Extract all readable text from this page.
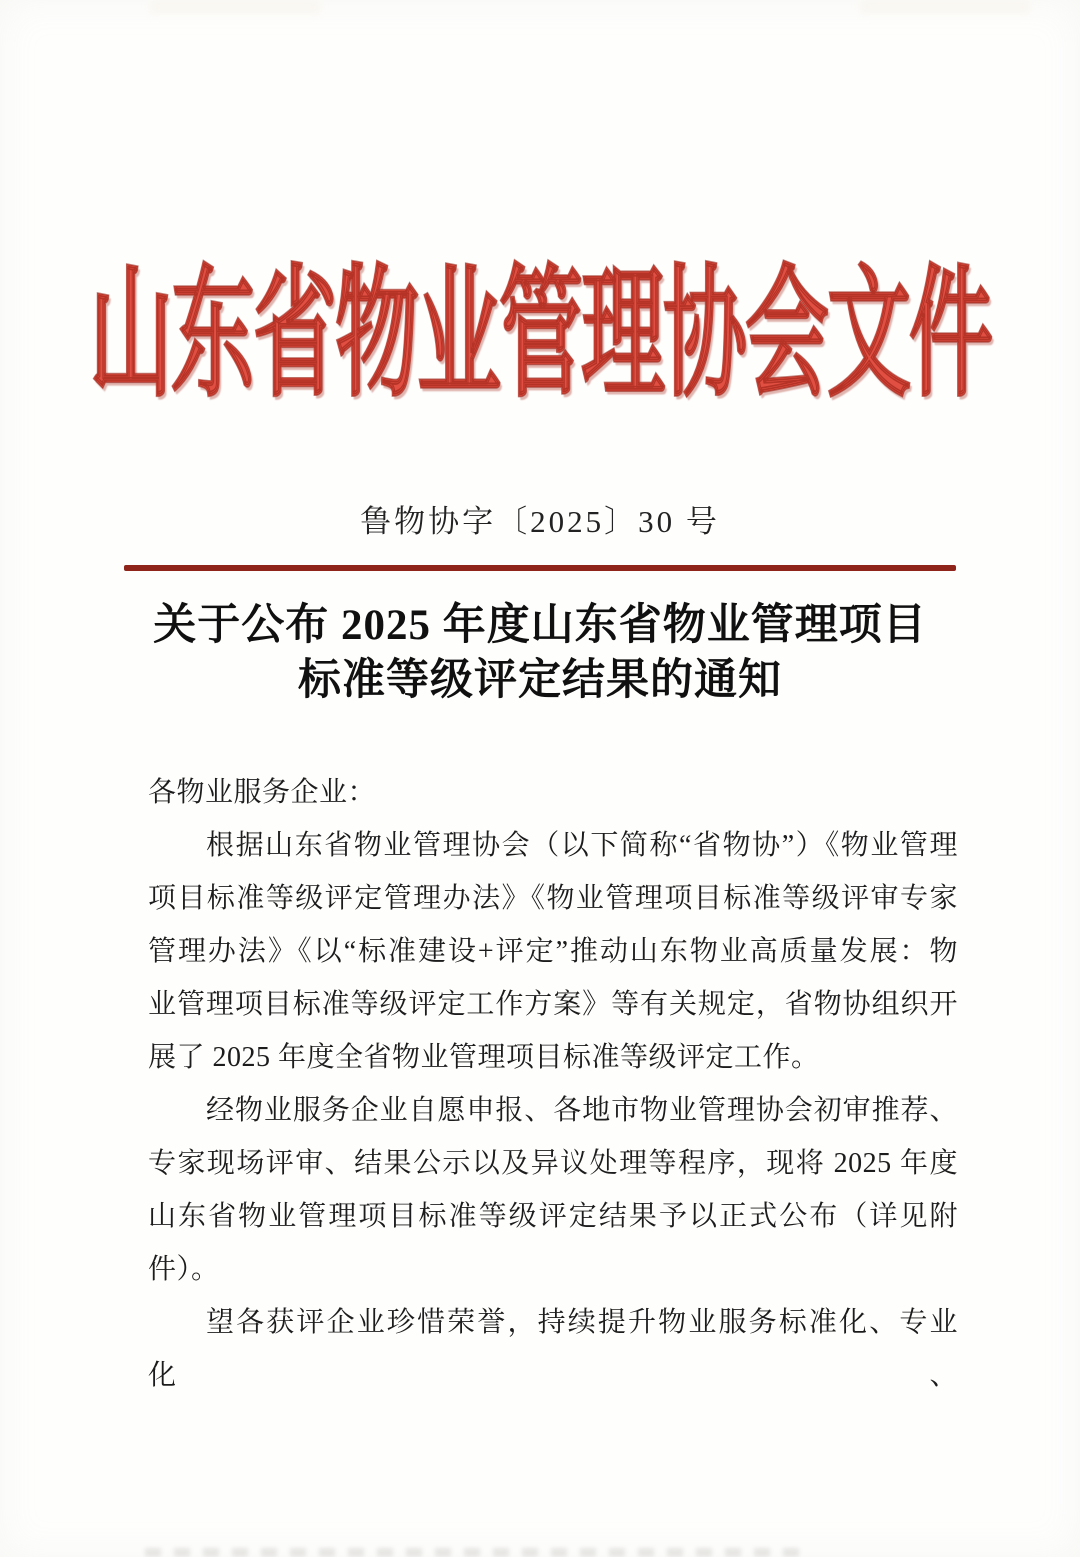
山东省物业管理协会文件
鲁物协字〔2025〕30 号
关于公布 2025 年度山东省物业管理项目
标准等级评定结果的通知
各物业服务企业：
根据山东省物业管理协会（以下简称“省物协”）《物业管理
项目标准等级评定管理办法》《物业管理项目标准等级评审专家
管理办法》《以“标准建设+评定”推动山东物业高质量发展：物
业管理项目标准等级评定工作方案》等有关规定，省物协组织开
展了 2025 年度全省物业管理项目标准等级评定工作。
经物业服务企业自愿申报、各地市物业管理协会初审推荐、
专家现场评审、结果公示以及异议处理等程序，现将 2025 年度
山东省物业管理项目标准等级评定结果予以正式公布（详见附
件）。
望各获评企业珍惜荣誉，持续提升物业服务标准化、专业化、
